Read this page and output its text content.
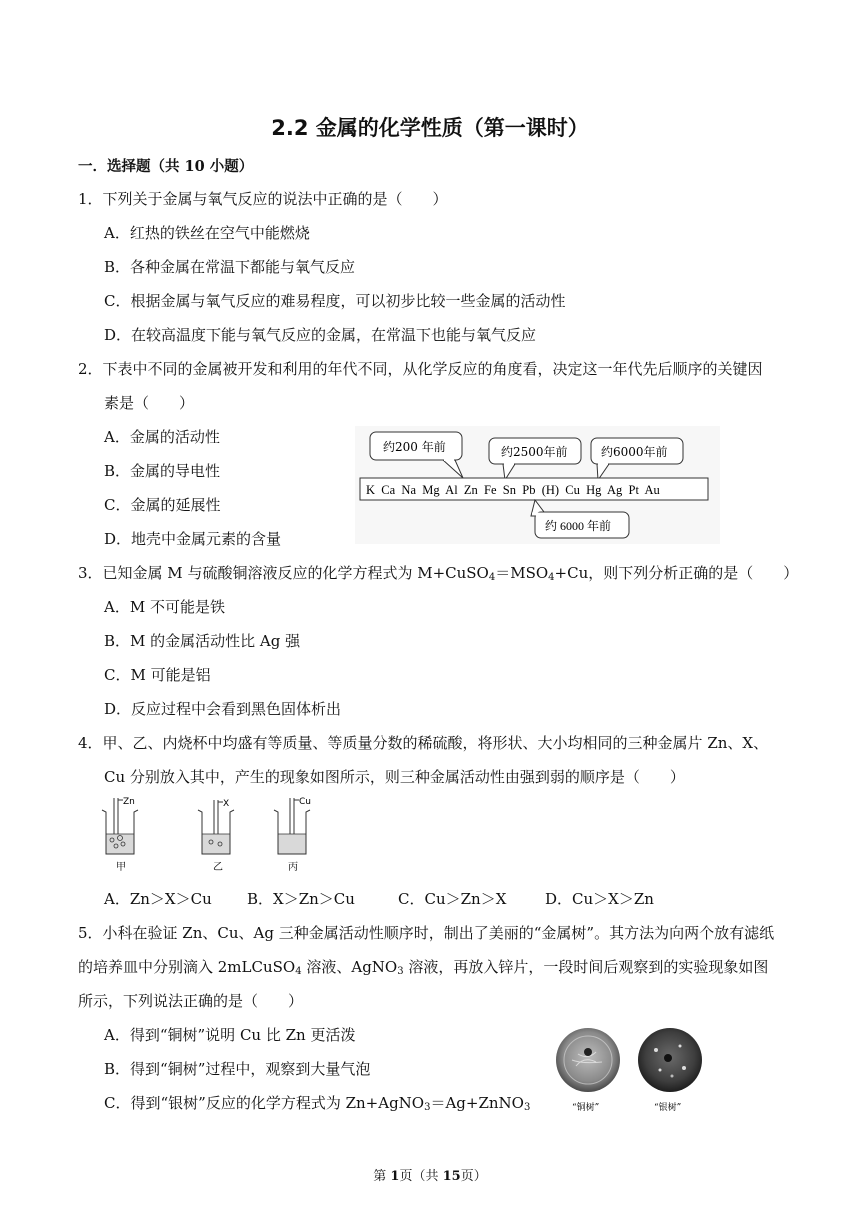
2.2 金属的化学性质（第一课时）
一．选择题（共 10 小题）
1．下列关于金属与氧气反应的说法中正确的是（　　）
A．红热的铁丝在空气中能燃烧
B．各种金属在常温下都能与氧气反应
C．根据金属与氧气反应的难易程度，可以初步比较一些金属的活动性
D．在较高温度下能与氧气反应的金属，在常温下也能与氧气反应
2．下表中不同的金属被开发和利用的年代不同，从化学反应的角度看，决定这一年代先后顺序的关键因
素是（　　）
A．金属的活动性
B．金属的导电性
C．金属的延展性
D．地壳中金属元素的含量
约200 年前	约2500年前	约6000年前
K  Ca  Na  Mg  Al  Zn  Fe  Sn  Pb  (H)  Cu  Hg  Ag  Pt  Au
约 6000 年前
3．已知金属 M 与硫酸铜溶液反应的化学方程式为 $M+CuSO_4=MSO_4+Cu$，则下列分析正确的是（　　）
A．M 不可能是铁
B．M 的金属活动性比 Ag 强
C．M 可能是铝
D．反应过程中会看到黑色固体析出
4．甲、乙、内烧杯中均盛有等质量、等质量分数的稀硫酸，将形状、大小均相同的三种金属片 Zn、X、
Cu 分别放入其中，产生的现象如图所示，则三种金属活动性由强到弱的顺序是（　　）
Zn
甲
X
乙
Cu
丙
A．Zn＞X＞Cu B．X＞Zn＞Cu	C．Cu＞Zn＞X	D．Cu＞X＞Zn
5．小科在验证 Zn、Cu、Ag 三种金属活动性顺序时，制出了美丽的“金属树”。其方法为向两个放有滤纸
的培养皿中分别滴入 2mLCuSO$_4$ 溶液、AgNO$_3$ 溶液，再放入锌片，一段时间后观察到的实验现象如图
所示，下列说法正确的是（　　）
A．得到“铜树”说明 Cu 比 Zn 更活泼
B．得到“铜树”过程中，观察到大量气泡
C．得到“银树”反应的化学方程式为 Zn+AgNO$_3$＝Ag+ZnNO$_3$	“铜树”	“银树”
第 1页（共 15页）
